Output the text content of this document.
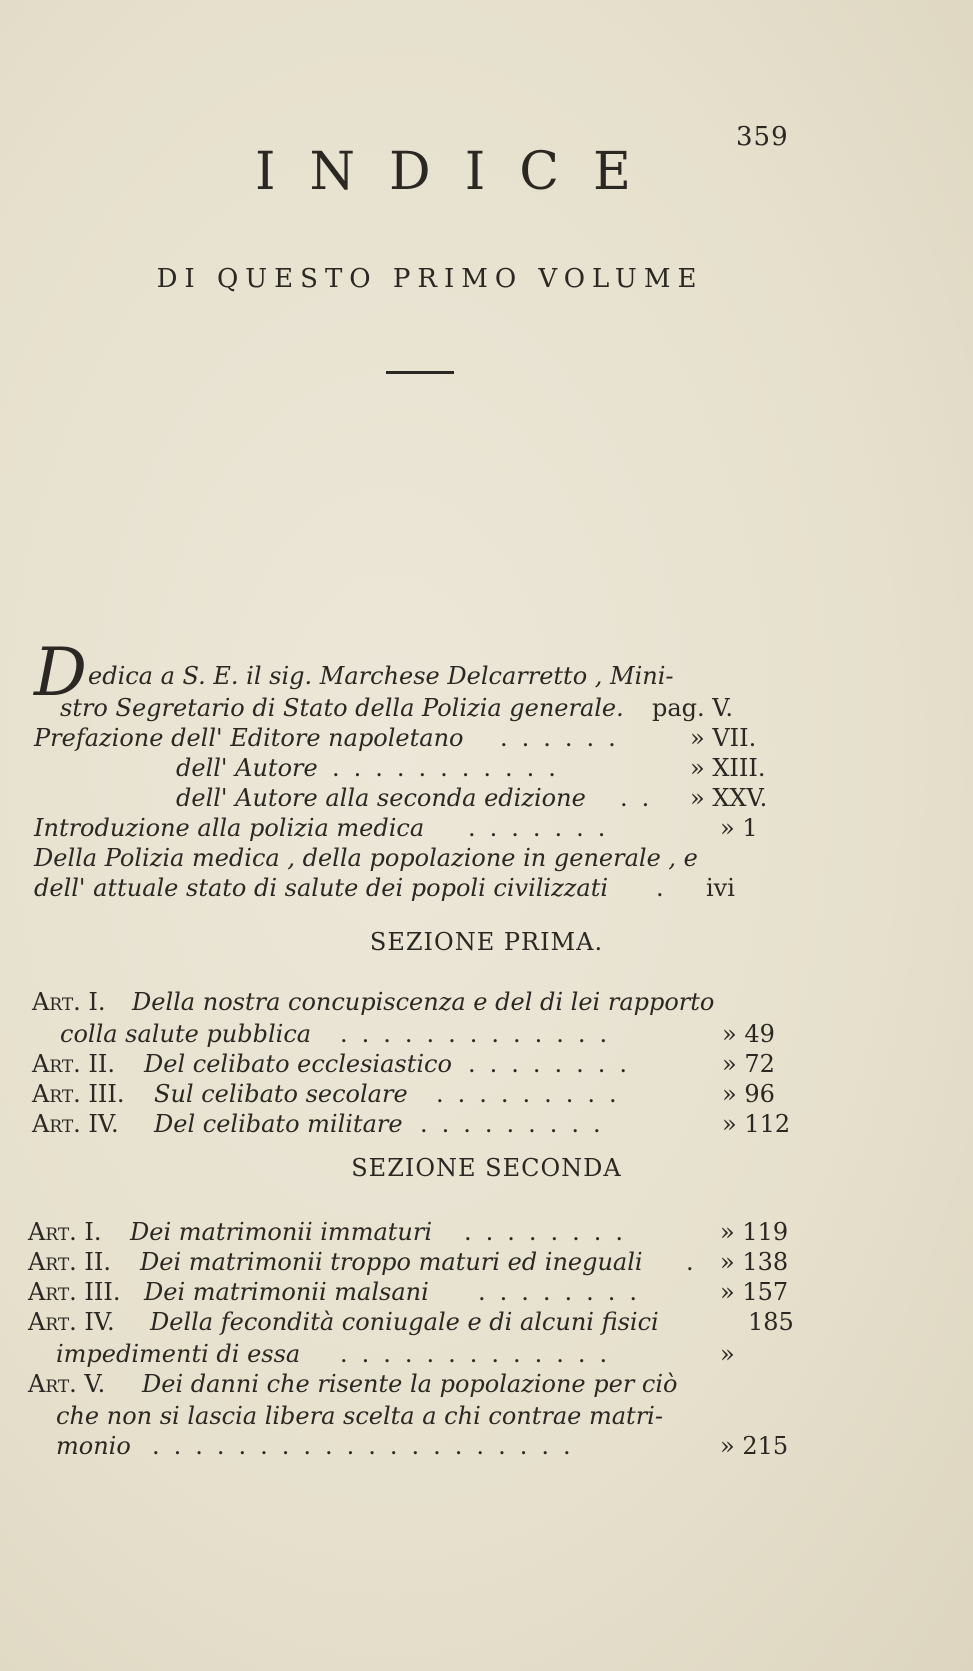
359
INDICE
DI QUESTO PRIMO VOLUME
D edica a S. E. il sig. Marchese Delcarretto , Mini-
stro Segretario di Stato della Polizia generale. pag. V.
Prefazione dell' Editore napoletano ......	» VII.
dell' Autore ...........	» XIII.
dell' Autore alla seconda edizione .. » XXV.
Introduzione alla polizia medica .......	» 1
Della Polizia medica , della popolazione in generale , e
dell' attuale stato di salute dei popoli civilizzati . ivi
SEZIONE PRIMA.
Art. I. Della nostra concupiscenza e del di lei rapporto
colla salute pubblica .............	» 49
Art. II. Del celibato ecclesiastico ........	» 72
Art. III. Sul celibato secolare .........	» 96
Art. IV. Del celibato militare .........	» 112
SEZIONE SECONDA
Art. I. Dei matrimonii immaturi ........	» 119
Art. II. Dei matrimonii troppo maturi ed ineguali . » 138
Art. III. Dei matrimonii malsani ........	» 157
Art. IV. Della fecondità coniugale e di alcuni fisici	185
impedimenti di essa .............	»
Art. V. Dei danni che risente la popolazione per ciò
che non si lascia libera scelta a chi contrae matri-
monio ....................	» 215
